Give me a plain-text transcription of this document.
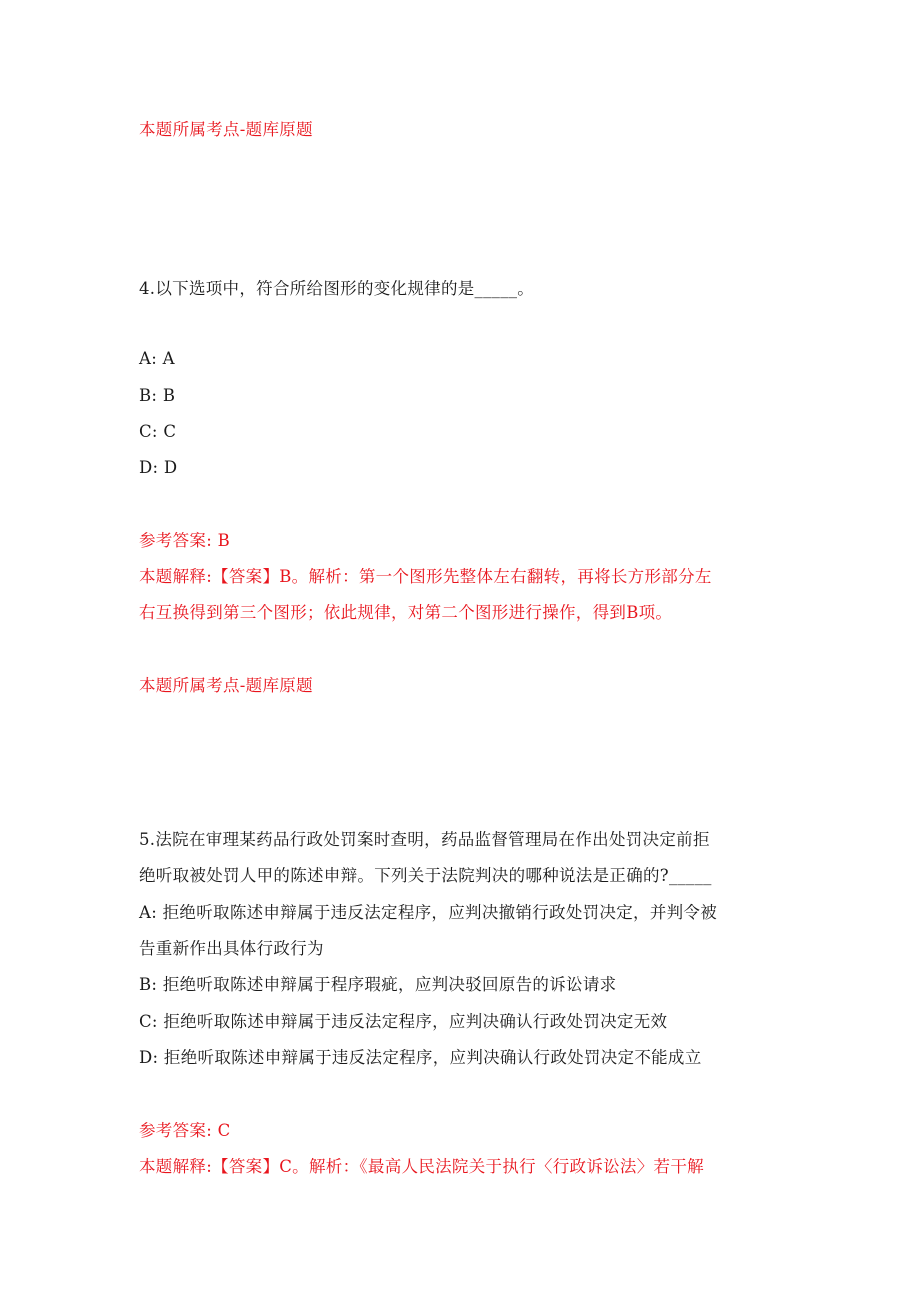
本题所属考点-题库原题
4.以下选项中，符合所给图形的变化规律的是_____。
A: A
B: B
C: C
D: D
参考答案: B
本题解释:【答案】B。解析：第一个图形先整体左右翻转，再将长方形部分左
右互换得到第三个图形；依此规律，对第二个图形进行操作，得到B项。
本题所属考点-题库原题
5.法院在审理某药品行政处罚案时查明，药品监督管理局在作出处罚决定前拒
绝听取被处罚人甲的陈述申辩。下列关于法院判决的哪种说法是正确的?_____
A: 拒绝听取陈述申辩属于违反法定程序，应判决撤销行政处罚决定，并判令被
告重新作出具体行政行为
B: 拒绝听取陈述申辩属于程序瑕疵，应判决驳回原告的诉讼请求
C: 拒绝听取陈述申辩属于违反法定程序，应判决确认行政处罚决定无效
D: 拒绝听取陈述申辩属于违反法定程序，应判决确认行政处罚决定不能成立
参考答案: C
本题解释:【答案】C。解析：《最高人民法院关于执行〈行政诉讼法〉若干解
